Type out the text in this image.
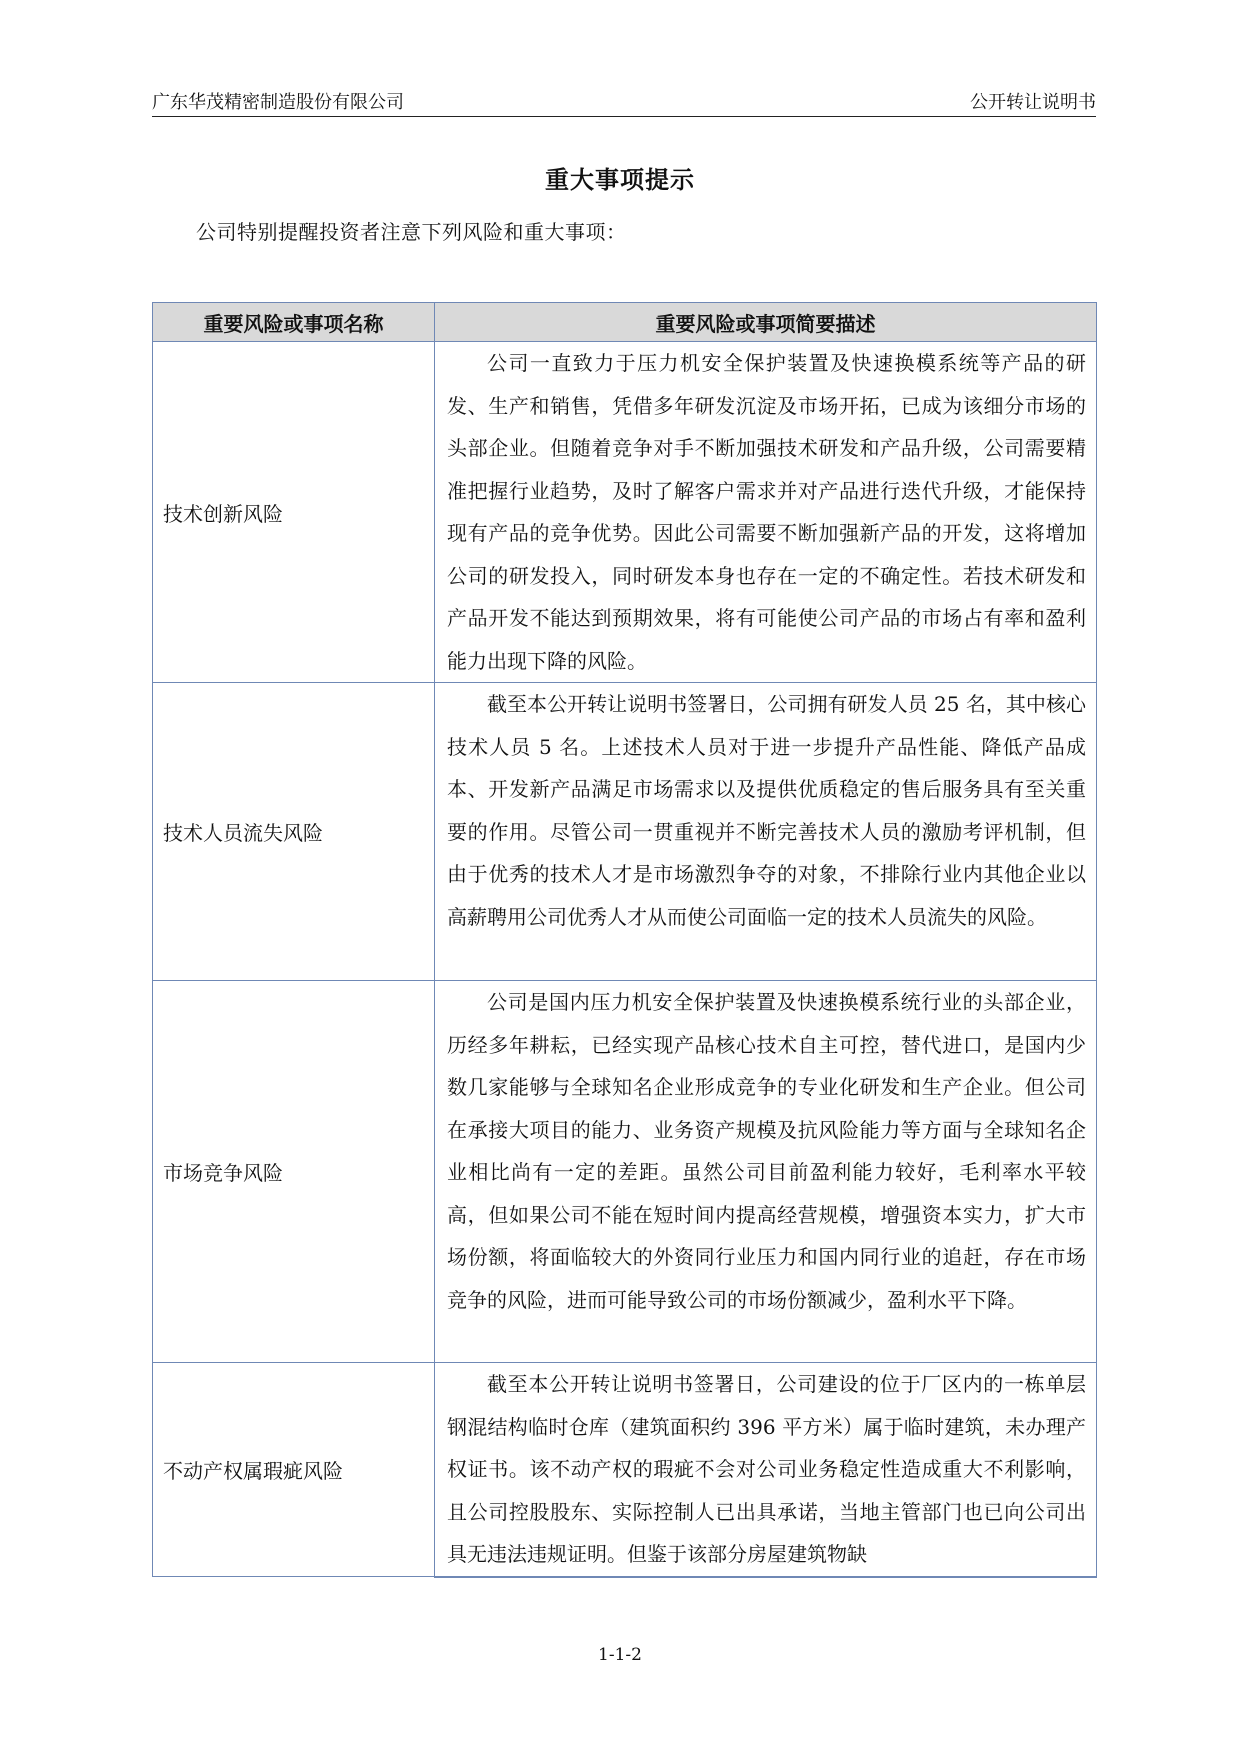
广东华茂精密制造股份有限公司	公开转让说明书
重大事项提示
公司特别提醒投资者注意下列风险和重大事项：
重要风险或事项名称	重要风险或事项简要描述
技术创新风险	公司一直致力于压力机安全保护装置及快速换模系统等产品的研发、生产和销售，凭借多年研发沉淀及市场开拓，已成为该细分市场的头部企业。但随着竞争对手不断加强技术研发和产品升级，公司需要精准把握行业趋势，及时了解客户需求并对产品进行迭代升级，才能保持现有产品的竞争优势。因此公司需要不断加强新产品的开发，这将增加公司的研发投入，同时研发本身也存在一定的不确定性。若技术研发和产品开发不能达到预期效果，将有可能使公司产品的市场占有率和盈利能力出现下降的风险。
技术人员流失风险	截至本公开转让说明书签署日，公司拥有研发人员 25 名，其中核心技术人员 5 名。上述技术人员对于进一步提升产品性能、降低产品成本、开发新产品满足市场需求以及提供优质稳定的售后服务具有至关重要的作用。尽管公司一贯重视并不断完善技术人员的激励考评机制，但由于优秀的技术人才是市场激烈争夺的对象，不排除行业内其他企业以高薪聘用公司优秀人才从而使公司面临一定的技术人员流失的风险。
市场竞争风险	公司是国内压力机安全保护装置及快速换模系统行业的头部企业，历经多年耕耘，已经实现产品核心技术自主可控，替代进口，是国内少数几家能够与全球知名企业形成竞争的专业化研发和生产企业。但公司在承接大项目的能力、业务资产规模及抗风险能力等方面与全球知名企业相比尚有一定的差距。虽然公司目前盈利能力较好，毛利率水平较高，但如果公司不能在短时间内提高经营规模，增强资本实力，扩大市场份额，将面临较大的外资同行业压力和国内同行业的追赶，存在市场竞争的风险，进而可能导致公司的市场份额减少，盈利水平下降。
不动产权属瑕疵风险	截至本公开转让说明书签署日，公司建设的位于厂区内的一栋单层钢混结构临时仓库（建筑面积约 396 平方米）属于临时建筑，未办理产权证书。该不动产权的瑕疵不会对公司业务稳定性造成重大不利影响，且公司控股股东、实际控制人已出具承诺，当地主管部门也已向公司出具无违法违规证明。但鉴于该部分房屋建筑物缺
1-1-2
